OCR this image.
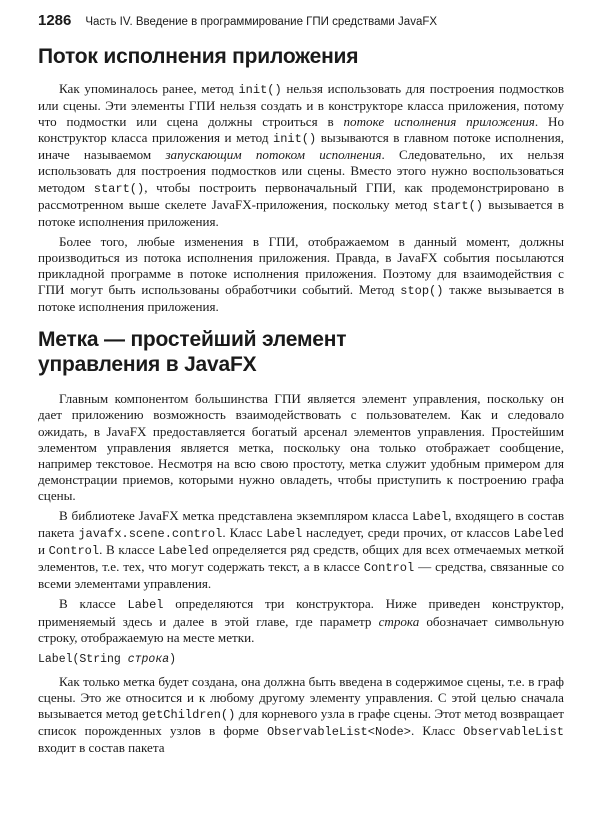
1286 Часть IV. Введение в программирование ГПИ средствами JavaFX
Поток исполнения приложения

Как упоминалось ранее, метод init() нельзя использовать для построения подмостков или сцены. Эти элементы ГПИ нельзя создать и в конструкторе класса приложения, потому что подмостки или сцена должны строиться в потоке исполнения приложения. Но конструктор класса приложения и метод init() вызываются в главном потоке исполнения, иначе называемом запускающим потоком исполнения. Следовательно, их нельзя использовать для построения подмостков или сцены. Вместо этого нужно воспользоваться методом start(), чтобы построить первоначальный ГПИ, как продемонстрировано в рассмотренном выше скелете JavaFX-приложения, поскольку метод start() вызывается в потоке исполнения приложения.

Более того, любые изменения в ГПИ, отображаемом в данный момент, должны производиться из потока исполнения приложения. Правда, в JavaFX события посылаются прикладной программе в потоке исполнения приложения. Поэтому для взаимодействия с ГПИ могут быть использованы обработчики событий. Метод stop() также вызывается в потоке исполнения приложения.

Метка — простейший элемент
управления в JavaFX

Главным компонентом большинства ГПИ является элемент управления, поскольку он дает приложению возможность взаимодействовать с пользователем. Как и следовало ожидать, в JavaFX предоставляется богатый арсенал элементов управления. Простейшим элементом управления является метка, поскольку она только отображает сообщение, например текстовое. Несмотря на всю свою простоту, метка служит удобным примером для демонстрации приемов, которыми нужно овладеть, чтобы приступить к построению графа сцены.

В библиотеке JavaFX метка представлена экземпляром класса Label, входящего в состав пакета javafx.scene.control. Класс Label наследует, среди прочих, от классов Labeled и Control. В классе Labeled определяется ряд средств, общих для всех отмечаемых меткой элементов, т.е. тех, что могут содержать текст, а в классе Control — средства, связанные со всеми элементами управления.

В классе Label определяются три конструктора. Ниже приведен конструктор, применяемый здесь и далее в этой главе, где параметр строка обозначает символьную строку, отображаемую на месте метки.

Label(String строка)

Как только метка будет создана, она должна быть введена в содержимое сцены, т.е. в граф сцены. Это же относится и к любому другому элементу управления. С этой целью сначала вызывается метод getChildren() для корневого узла в графе сцены. Этот метод возвращает список порожденных узлов в форме ObservableList<Node>. Класс ObservableList входит в состав пакета
